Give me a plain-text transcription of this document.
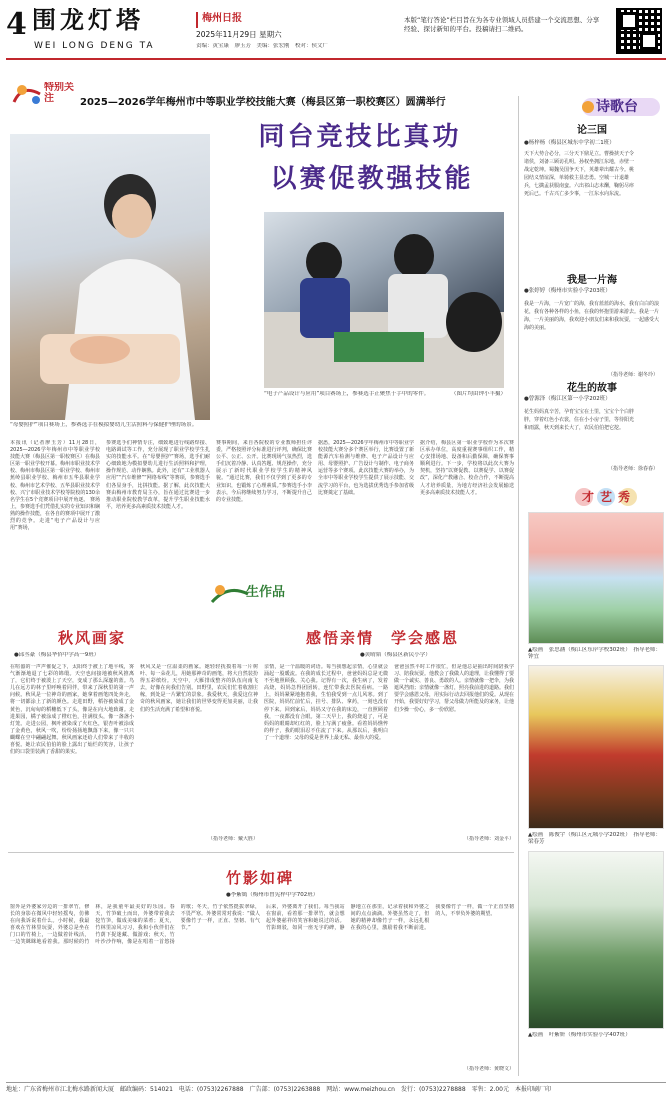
4 围龙灯塔
WEI LONG DENG TA
梅州日报
2025年11月29日 星期六
责编：黄宝康　廖玉芳　美编：张宏刚　校对：侯文广
本版“笔行答论”栏目旨在为各专业领域人员搭建一个交流思想、分享经验、探讨新知的平台。投稿请扫二维码。
特别关注	2025—2026学年梅州市中等职业学校技能大赛（梅县区第一职校赛区）圆满举行
同台竞技比真功
以赛促教强技能
“母婴照护”项目赛场上，参赛选手在模拟婴幼儿生活照料与保健护理的场景。
“电子产品设计与应用”项目赛场上，参赛选手正聚焦于手中的零件。	（图片均由钟小丰摄）
本报讯（记者廖玉芳）11月28日，2025—2026学年梅州市中等职业学校技能大赛（梅县区第一职校赛区）在梅县区第一职业学校开幕。梅州市职业技术学校、梅州市梅县区第一职业学校、梅州市蕉岭县职业学校、梅州市五华县职业学校、梅州市艺术学校、五华县职业技术学校、兴宁市职业技术学校等院校的130余名学生在5个竞赛项目中展开角逐。 赛场上，参赛选手们凭借扎实的专业知识和娴熟的操作技能，在各自的赛项中展开了激烈的竞争。走进“电子产品设计与应用”赛场，
参赛选手们神情专注，细致地进行线路焊接、电路调试等工作，充分展现了职业学校学生扎实的技能水平。在“母婴照护”赛场，选手们耐心细致地为模拟婴幼儿进行生活照料和护理，操作规范、动作娴熟。此外，还有“工业机器人应用”“汽车维修”“网络布线”等赛项，参赛选手们各显身手，比拼技能。据了解，此次技能大赛由梅州市教育局主办，旨在通过比赛进一步推动职业院校教学改革，提升学生职业技能水平，培养更多高素质技术技能人才。
赛事期间，来自各院校的专业教师担任评委，严格按照评分标准进行评判，确保比赛公平、公正、公开。比赛现场气氛热烈，选手们沉着冷静、认真答题、规范操作，充分展示了新时代职业学校学生的精神风貌。“通过比赛，我们不仅学到了更多的专业知识，也锻炼了心理素质。”参赛选手小李表示，今后将继续努力学习，不断提升自己的专业技能。
据悉，2025—2026学年梅州市中等职业学校技能大赛分多个赛区举行，比赛设置了新能源汽车检测与维修、电子产品设计与应用、母婴照护、广告设计与制作、电子商务运营等多个赛项。此次技能大赛的举办，为全市中等职业学校学生提供了展示技能、交流学习的平台，也为选拔优秀选手参加省级比赛奠定了基础。
据介绍，梅县区第一职业学校作为本次赛区承办单位，高度重视赛事组织工作，精心安排场地、设备和后勤保障，确保赛事顺利进行。下一步，学校将以此次大赛为契机，坚持“以赛促教、以赛促学、以赛促改”，深化产教融合、校企合作，不断提高人才培养质量，为地方经济社会发展输送更多高素质技术技能人才。
诗歌台
论三国
●杨梓杨（梅县区城东中学初二1班）
天下大势合必分，三分天下鼎足立。曹操挟天子令诸侯，刘备三顾访孔明。孙权坐拥江东地，赤壁一战定乾坤。蜀魏吴国争天下，英雄辈出耀古今。桃园结义情谊深，单骑救主显忠勇。空城一计退雄兵，七擒孟获服南蛮。六出祁山志未酬，鞠躬尽瘁死后已。千古兴亡多少事，一江东水向东流。
我是一片海
●张婷婷（梅州市实验小学203班）
我是一片海，一片宽广的海，我有蓝蓝的海水，我有白白的浪花，我有各种各样的小鱼，在我的怀抱里游来游去。我是一片海，一片美丽的海，我欢迎小朋友们来和我玩耍，一起感受大海的美丽。
（指导老师：谢冬玲）
花生的故事
●曾源泽（梅江区第一小学202班）
花生妈妈真辛苦，孕育宝宝在土里，宝宝个个白胖胖，穿着红色小衣裳，住在小小房子里，等待阳光和雨露，秋天到来长大了，农民伯伯把它挖。
（指导老师：徐春春）
才艺秀
▲绘画　张思涵（梅江区东岸学校302班）　指导老师：钟宜
▲绘画　陈俊宇（梅江区元城小学202班）　指导老师：梁春芳
▲绘画　叶紫妍（梅州市实验小学407班）
生作品
秋风画家
●邱丞豪（梅县华侨中学高一9班）
在喧嚣的一声声催促之下，太阳终于被上了地平线，雾气渐渐地退了七彩的锦缎。天空也间接地被秋风推离了，它们终于被泼上了天空，变成了那么深邃的蓝。鸟儿在远方的林子里呼唤着同伴，带来了深秋里的第一声问候。秋风是一位神奇的画家，她拿着画笔四处奔走，将一切都涂上了新的颜色。走进田野，稻谷被染成了金黄色，沉甸甸的稻穗低下了头，像是在向大地致谢。走进果园，橘子被涂成了橙红色，挂满枝头，像一盏盏小灯笼。走进公园，枫叶被染成了火红色，银杏叶被涂成了金黄色，秋风一吹，纷纷扬扬地飘落下来，像一只只蝴蝶在空中翩翩起舞。秋风画家还给人们带来了丰收的喜悦。她让农民伯伯的脸上露出了灿烂的笑容，让孩子们的口袋里装满了香甜的果实。
秋风又是一位温柔的画家。她轻轻抚摸着每一片树叶、每一朵花儿，用她那神奇的画笔，将大自然装扮得五彩缤纷。天空中，大雁排成整齐的队伍向南飞去，好像在向我们告别。田野里，农民们忙着收割庄稼，到处是一片繁忙的景象。我爱秋天，我爱这位神奇的秋风画家，她让我们的世界变得更加美丽，让我们的生活充满了希望和喜悦。
（指导老师：戴大胜）
感悟亲情　学会感恩
●黄晴韬（梅县区新民小学）
亲情，是一个温暖的词语。每当我想起亲情，心里就会涌起一股暖流。在我的成长过程中，爸爸妈妈总是无微不至地照顾我、关心我。记得有一次，我生病了，发着高烧，妈妈急得团团转，连忙带我去医院看病。一路上，妈妈紧紧地抱着我，生怕我受到一点儿风寒。到了医院，妈妈忙前忙后，挂号、排队、拿药，一刻也没有停下来。回到家后，妈妈又守在我的床边，一直照顾着我，一夜都没有合眼。第二天早上，我的烧退了，可是妈妈的眼睛却红红的，脸上写满了疲惫。看着妈妈憔悴的样子，我的眼泪忍不住流了下来。从那以后，我明白了一个道理：父母的爱是世界上最无私、最伟大的爱。
爸爸虽然平时工作很忙，但是他总是抽出时间陪我学习、陪我玩耍。他教会了我做人的道理，让我懂得了要做一个诚实、善良、勇敢的人。亲情就像一把伞，为我遮风挡雨；亲情就像一盏灯，照亮我前进的道路。我们要学会感恩父母，用实际行动去回报他们的爱。从现在开始，我要好好学习，帮父母做力所能及的家务，让他们少操一份心，多一份欣慰。
（指导老师：刘金平）
竹影如碑
●李紫嫣（梅州市曾宪梓中学702班）
窗外是外婆家旁边的一排翠竹，修长的身影在微风中轻轻摇曳，仿佛在向我诉说着什么。小时候，我最喜欢在竹林里玩耍，外婆总是坐在门口的竹椅上，一边做着针线活，一边笑眯眯地看着我。那时候的竹林，是我童年最美好的乐园。春天，竹笋破土而出，外婆带着我去挖竹笋，做成美味的菜肴；夏天，竹林里凉风习习，我和小伙伴们在竹荫下捉迷藏、做游戏；秋天，竹叶沙沙作响，像是在唱着一首悠扬的歌；冬天，竹子依然挺拔翠绿，不畏严寒。外婆常常对我说：“做人要像竹子一样，正直、坚韧、有气节。”
后来，外婆离开了我们。每当我站在窗前，看着那一排翠竹，就会想起外婆慈祥的笑容和她说过的话。竹影斑驳，如同一座无字的碑，静静地立在那里，记录着我和外婆之间的点点滴滴。外婆虽然走了，但她的精神却像竹子一样，永远扎根在我的心里，激励着我不断前进。我要像竹子一样，做一个正直坚韧的人，不辜负外婆的期望。
（指导老师：黄晓文）
地址：广东省梅州市江北梅水路新闻大厦　邮政编码：514021　电话：(0753)2267888　广告部：(0753)2263888　网站：www.meizhou.cn　发行：(0753)2278888　零售：2.00元　本报印刷厂印
